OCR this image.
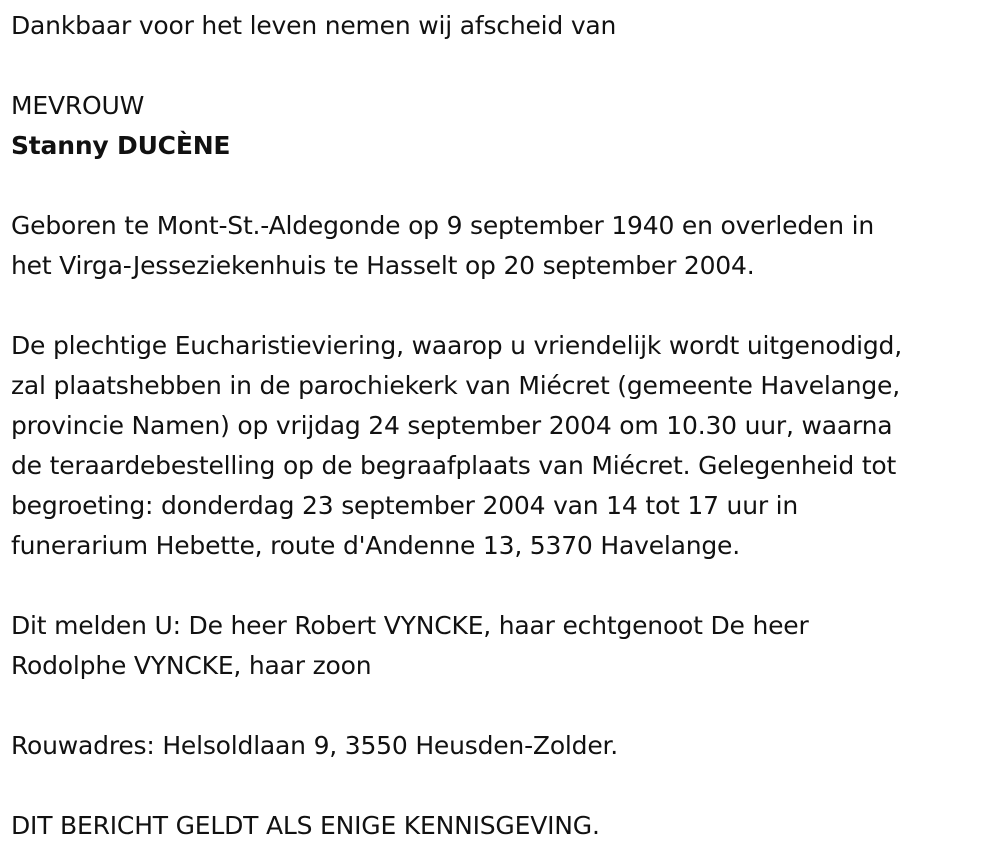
Dankbaar voor het leven nemen wij afscheid van
MEVROUW
Stanny DUCÈNE
Geboren te Mont-St.-Aldegonde op 9 september 1940 en overleden in
het Virga-Jesseziekenhuis te Hasselt op 20 september 2004.
De plechtige Eucharistieviering, waarop u vriendelijk wordt uitgenodigd,
zal plaatshebben in de parochiekerk van Miécret (gemeente Havelange,
provincie Namen) op vrijdag 24 september 2004 om 10.30 uur, waarna
de teraardebestelling op de begraafplaats van Miécret. Gelegenheid tot
begroeting: donderdag 23 september 2004 van 14 tot 17 uur in
funerarium Hebette, route d'Andenne 13, 5370 Havelange.
Dit melden U: De heer Robert VYNCKE, haar echtgenoot De heer
Rodolphe VYNCKE, haar zoon
Rouwadres: Helsoldlaan 9, 3550 Heusden-Zolder.
DIT BERICHT GELDT ALS ENIGE KENNISGEVING.
